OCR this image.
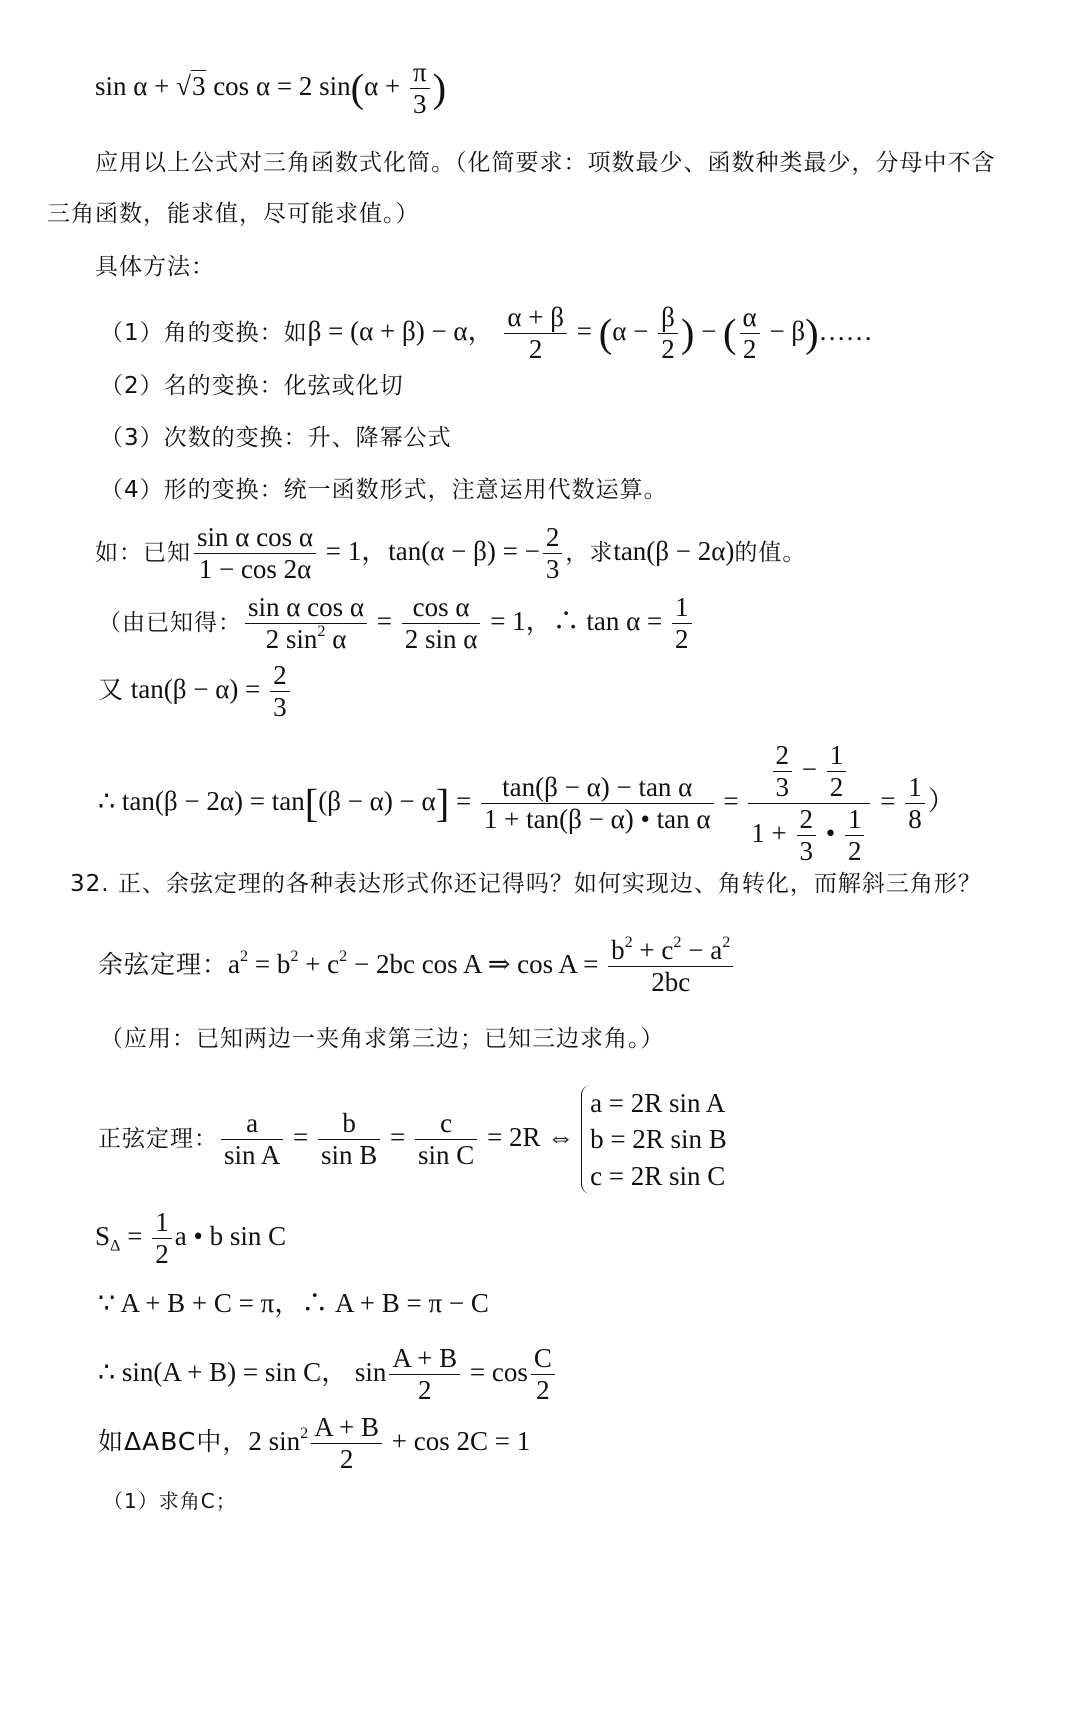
sin α + √3 cos α = 2 $\sin(\alpha + \frac{\pi}{3}$ )
应用以上公式对三角函数式化简。（化简要求：项数最少、函数种类最少，分母中不含
三角函数，能求值，尽可能求值。）
具体方法：
（1）角的变换：如β = (α + β) − α， $\frac{\alpha + \beta}{2} = (\alpha - \frac{\beta}{2}$ ) − ( $\frac{\alpha}{2}$ − β)……
（2）名的变换：化弦或化切
（3）次数的变换：升、降幂公式
（4）形的变换：统一函数形式，注意运用代数运算。
如：已知 $\frac{\text{sin α cos α}}{1 - \cos 2\alpha} = 1$，tan(α − β) = − $\frac{2}{3}$ ，求tan(β − 2α)的值。
（由已知得： $\frac{\text{sin α cos α}}{2 \sin^2 \alpha} = \frac{\text{cos α}}{\text{2 sin α}} = 1$，∴ $\tan \alpha = \frac{1}{2}$
又 $\tan(\beta - \alpha) = \frac{2}{3}$
∴ $\tan(\beta - 2\alpha) = \tan[(\beta - \alpha) - \alpha] = \frac{\text{tan(β − α) − tan α}}{\text{1 + tan(β − α) • tan α}} = \frac{\frac{2}{3} - \frac{1}{2}}{1 + \frac{2}{3} • \frac{1}{2}} = \frac{1}{8}$ ）
32. 正、余弦定理的各种表达形式你还记得吗？如何实现边、角转化，而解斜三角形？
余弦定理：$a^2 = b^2 + c^2 - 2bc$ cos A ⇒ $\cos A = \frac{b^2 + c^2 - a^2}{2bc}$
（应用：已知两边一夹角求第三边；已知三边求角。）
正弦定理： $\frac{a}{\text{sin A}} = \frac{b}{\text{sin B}} = \frac{c}{\text{sin C}} = 2R$ ⇔
a = 2R sin A
b = 2R sin B
c = 2R sin C
$S_\Delta = \frac{1}{2}$ a • b sin C
∵ A + B + C = π，∴ A + B = π − C
∴ sin(A + B) = sin C， $\sin \frac{A + B}{2} = \cos \frac{C}{2}$
如ΔABC中，2 $\sin^2 \frac{A + B}{2} + \cos 2C = 1$
（1）求角C；
